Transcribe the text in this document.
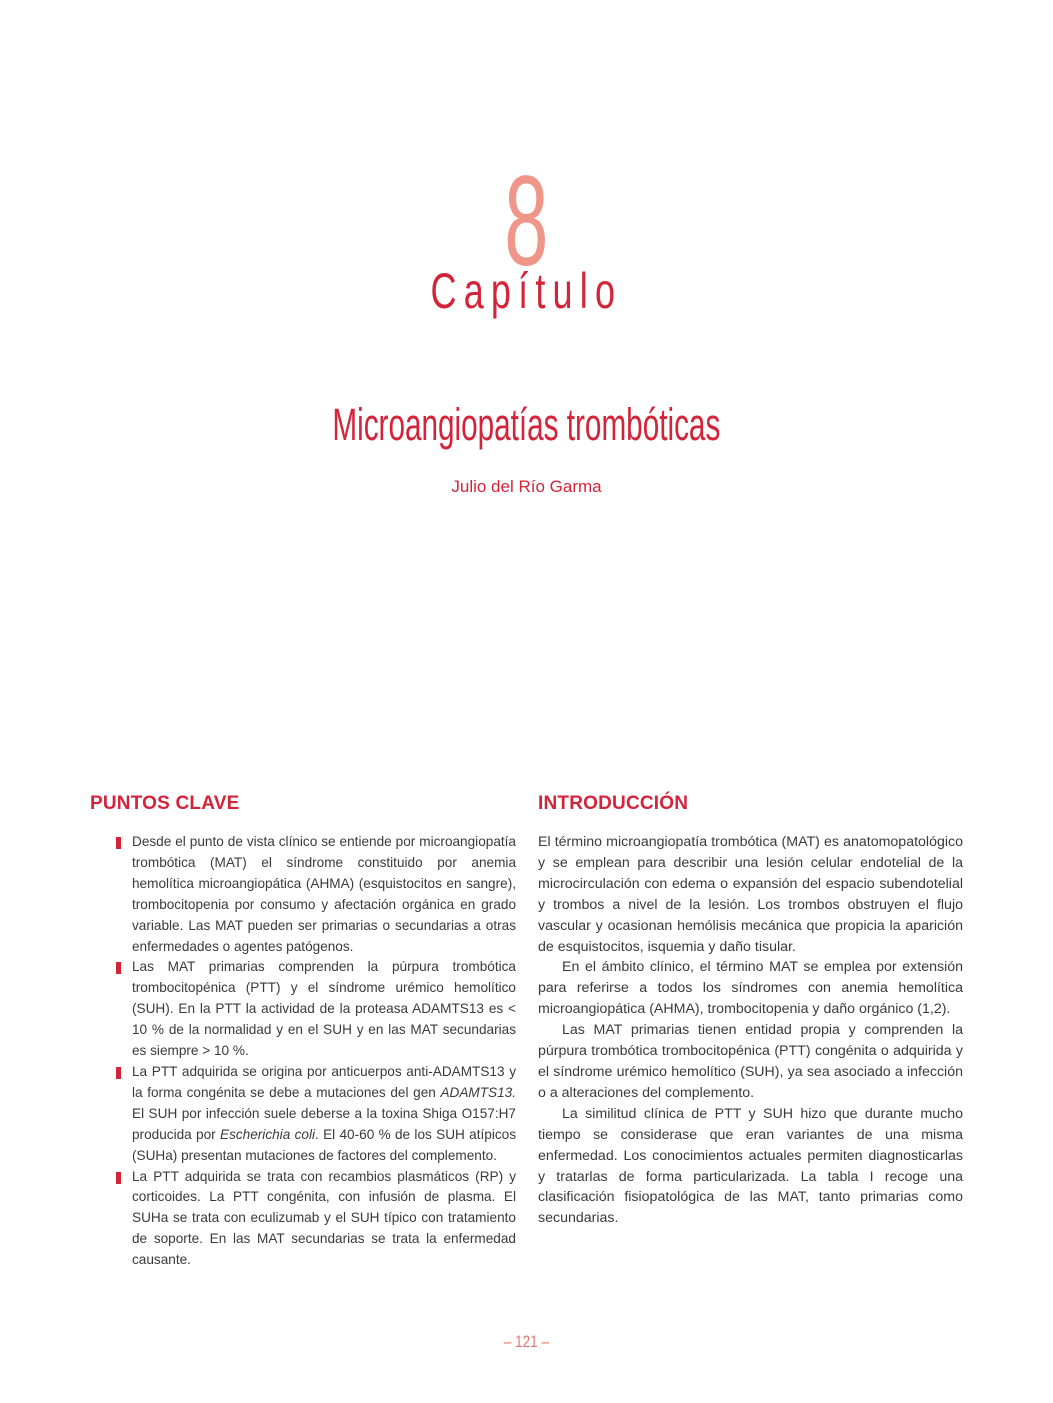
8
Capítulo
Microangiopatías trombóticas
Julio del Río Garma
PUNTOS CLAVE	INTRODUCCIÓN

Desde el punto de vista clínico se entiende por microangiopatía trombótica (MAT) el síndrome constituido por anemia hemolítica microangiopática (AHMA) (esquistocitos en sangre), trombocitopenia por consumo y afectación orgánica en grado variable. Las MAT pueden ser primarias o secundarias a otras enfermedades o agentes patógenos.

Las MAT primarias comprenden la púrpura trombótica trombocitopénica (PTT) y el síndrome urémico hemolítico (SUH). En la PTT la actividad de la proteasa ADAMTS13 es < 10 % de la normalidad y en el SUH y en las MAT secundarias es siempre > 10 %.

La PTT adquirida se origina por anticuerpos anti-ADAMTS13 y la forma congénita se debe a mutaciones del gen ADAMTS13. El SUH por infección suele deberse a la toxina Shiga O157:H7 producida por Escherichia coli. El 40-60 % de los SUH atípicos (SUHa) presentan mutaciones de factores del complemento.

La PTT adquirida se trata con recambios plasmáticos (RP) y corticoides. La PTT congénita, con infusión de plasma. El SUHa se trata con eculizumab y el SUH típico con tratamiento de soporte. En las MAT secundarias se trata la enfermedad causante.

El término microangiopatía trombótica (MAT) es anatomopatológico y se emplean para describir una lesión celular endotelial de la microcirculación con edema o expansión del espacio subendotelial y trombos a nivel de la lesión. Los trombos obstruyen el flujo vascular y ocasionan hemólisis mecánica que propicia la aparición de esquistocitos, isquemia y daño tisular.

En el ámbito clínico, el término MAT se emplea por extensión para referirse a todos los síndromes con anemia hemolítica microangiopática (AHMA), trombocitopenia y daño orgánico (1,2).

Las MAT primarias tienen entidad propia y comprenden la púrpura trombótica trombocitopénica (PTT) congénita o adquirida y el síndrome urémico hemolítico (SUH), ya sea asociado a infección o a alteraciones del complemento.

La similitud clínica de PTT y SUH hizo que durante mucho tiempo se considerase que eran variantes de una misma enfermedad. Los conocimientos actuales permiten diagnosticarlas y tratarlas de forma particularizada. La tabla I recoge una clasificación fisiopatológica de las MAT, tanto primarias como secundarias.

– 121 –
